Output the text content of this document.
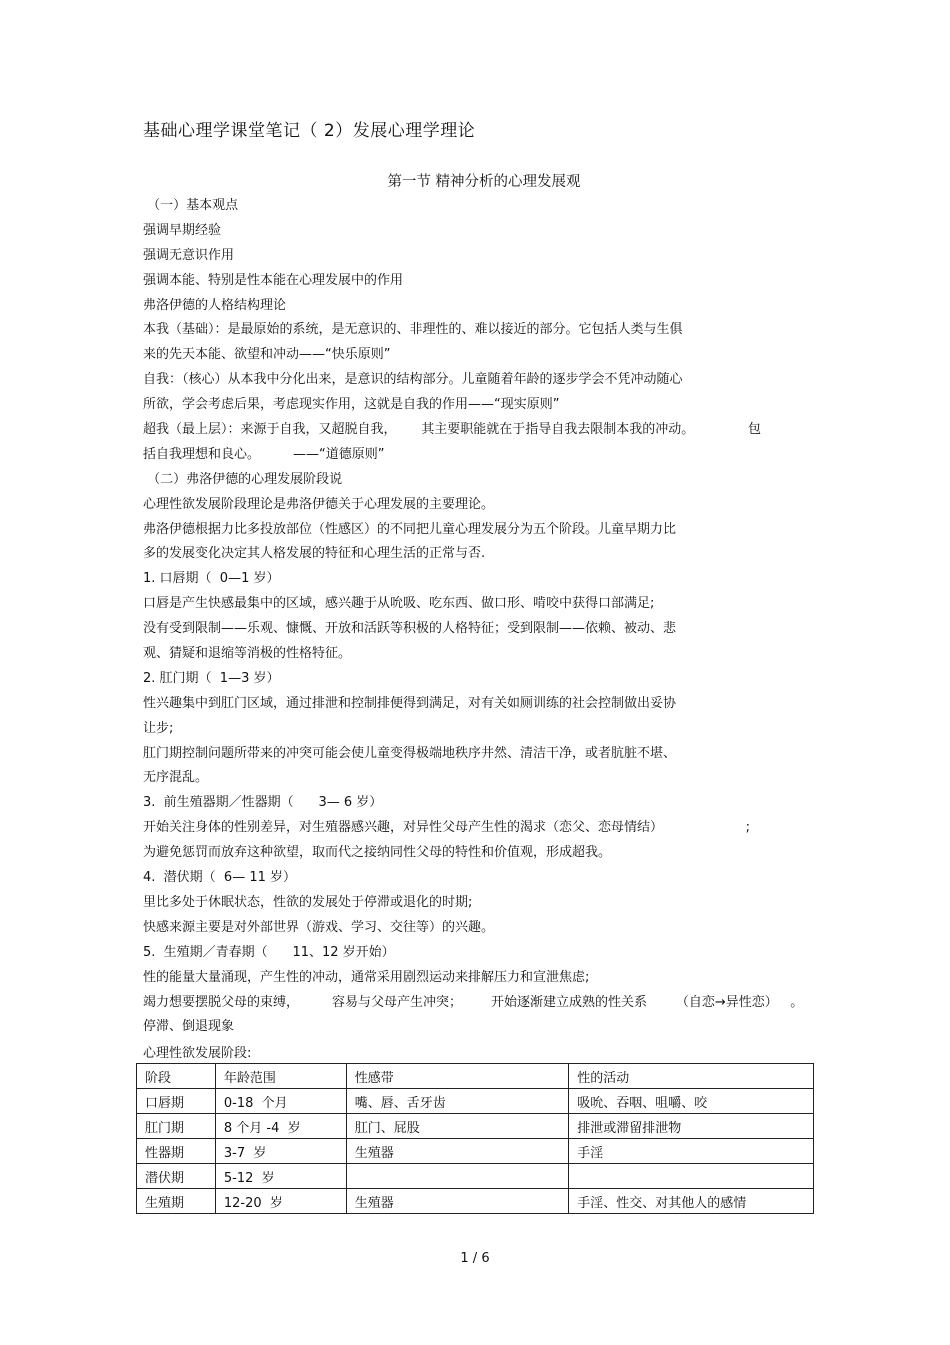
基础心理学课堂笔记（ 2）发展心理学理论
第一节 精神分析的心理发展观
（一）基本观点
强调早期经验
强调无意识作用
强调本能、特别是性本能在心理发展中的作用
弗洛伊德的人格结构理论
本我（基础）：是最原始的系统，是无意识的、非理性的、难以接近的部分。它包括人类与生俱
来的先天本能、欲望和冲动——“快乐原则”
自我：（核心）从本我中分化出来，是意识的结构部分。儿童随着年龄的逐步学会不凭冲动随心
所欲，学会考虑后果，考虑现实作用，这就是自我的作用——“现实原则”
超我（最上层）：来源于自我，又超脱自我，      其主要职能就在于指导自我去限制本我的冲动。             包
括自我理想和良心。        ——“道德原则”
（二）弗洛伊德的心理发展阶段说
心理性欲发展阶段理论是弗洛伊德关于心理发展的主要理论。
弗洛伊德根据力比多投放部位（性感区）的不同把儿童心理发展分为五个阶段。儿童早期力比
多的发展变化决定其人格发展的特征和心理生活的正常与否.
1. 口唇期（  0—1 岁）
口唇是产生快感最集中的区域，感兴趣于从吮吸、吃东西、做口形、啃咬中获得口部满足;
没有受到限制——乐观、慷慨、开放和活跃等积极的人格特征；受到限制——依赖、被动、悲
观、猜疑和退缩等消极的性格特征。
2. 肛门期（  1—3 岁）
性兴趣集中到肛门区域，通过排泄和控制排便得到满足，对有关如厕训练的社会控制做出妥协
让步;
肛门期控制问题所带来的冲突可能会使儿童变得极端地秩序井然、清洁干净，或者肮脏不堪、
无序混乱。
3.  前生殖器期／性器期（      3— 6 岁）
开始关注身体的性别差异，对生殖器感兴趣，对异性父母产生性的渴求（恋父、恋母情结）                    ;
为避免惩罚而放弃这种欲望，取而代之接纳同性父母的特性和价值观，形成超我。
4.  潜伏期（  6— 11 岁）
里比多处于休眠状态，性欲的发展处于停滞或退化的时期;
快感来源主要是对外部世界（游戏、学习、交往等）的兴趣。
5.  生殖期／青春期（      11、12 岁开始）
性的能量大量涌现，产生性的冲动，通常采用剧烈运动来排解压力和宣泄焦虑;
竭力想要摆脱父母的束缚，        容易与父母产生冲突；       开始逐渐建立成熟的性关系       （自恋→异性恋）   。
停滞、倒退现象
心理性欲发展阶段:
阶段	年龄范围	性感带	性的活动
口唇期	0-18  个月	嘴、唇、舌牙齿	吸吮、吞咽、咀嚼、咬
肛门期	8 个月 -4  岁	肛门、屁股	排泄或滞留排泄物
性器期	3-7  岁	生殖器	手淫
潜伏期	5-12  岁		
生殖期	12-20  岁	生殖器	手淫、性交、对其他人的感情
1 / 6
